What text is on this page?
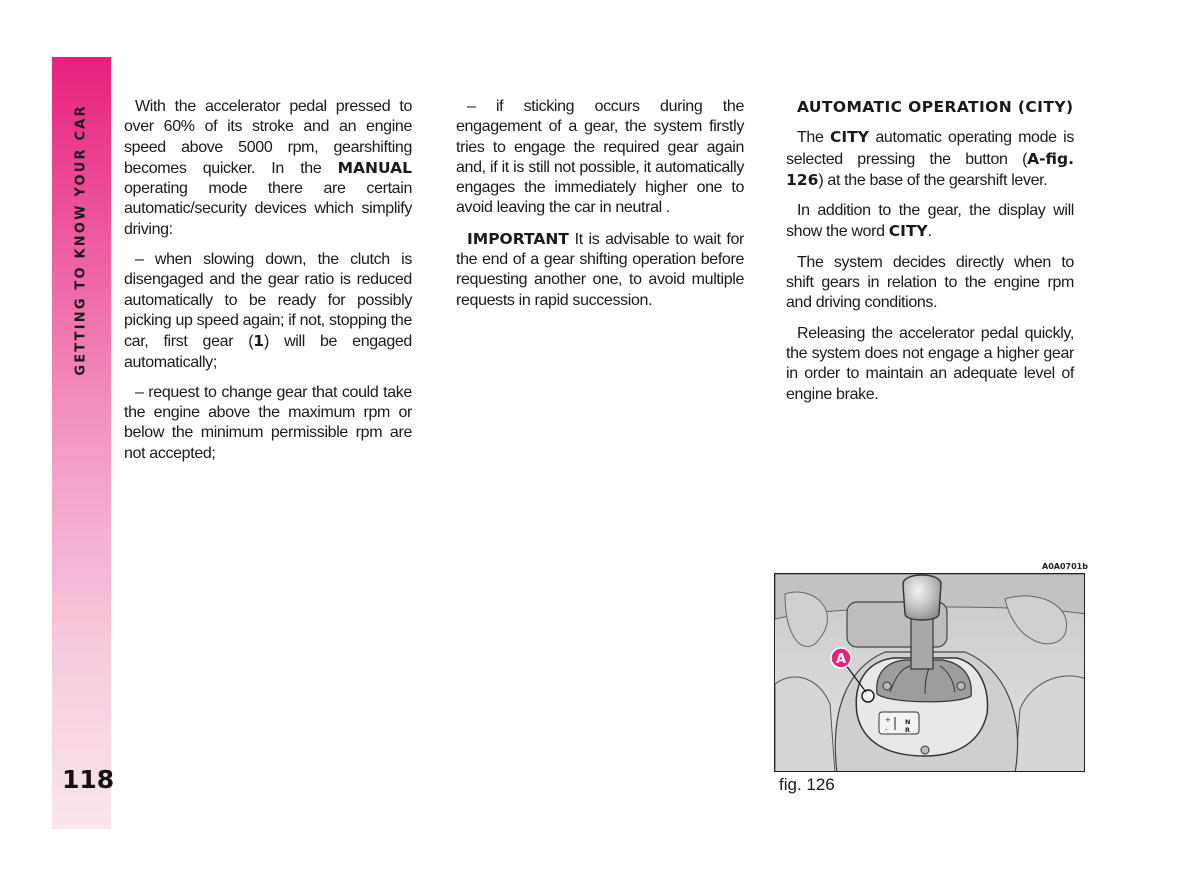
GETTING TO KNOW YOUR CAR
118

With the accelerator pedal pressed to over 60% of its stroke and an engine speed above 5000 rpm, gearshifting becomes quicker. In the MANUAL operating mode there are certain automatic/security devices which simplify driving:

– when slowing down, the clutch is disengaged and the gear ratio is reduced automatically to be ready for possibly picking up speed again; if not, stopping the car, first gear (1) will be engaged automatically;

– request to change gear that could take the engine above the maximum rpm or below the minimum permissible rpm are not accepted;

– if sticking occurs during the engagement of a gear, the system firstly tries to engage the required gear again and, if it is still not possible, it automatically engages the immediately higher one to avoid leaving the car in neutral .

IMPORTANT It is advisable to wait for the end of a gear shifting operation before requesting another one, to avoid multiple requests in rapid succession.

AUTOMATIC OPERATION (CITY)

The CITY automatic operating mode is selected pressing the button (A-fig. 126) at the base of the gearshift lever.

In addition to the gear, the display will show the word CITY.

The system decides directly when to shift gears in relation to the engine rpm and driving conditions.

Releasing the accelerator pedal quickly, the system does not engage a higher gear in order to maintain an adequate level of engine brake.

A0A0701b
+ N
-	R
A
fig. 126
